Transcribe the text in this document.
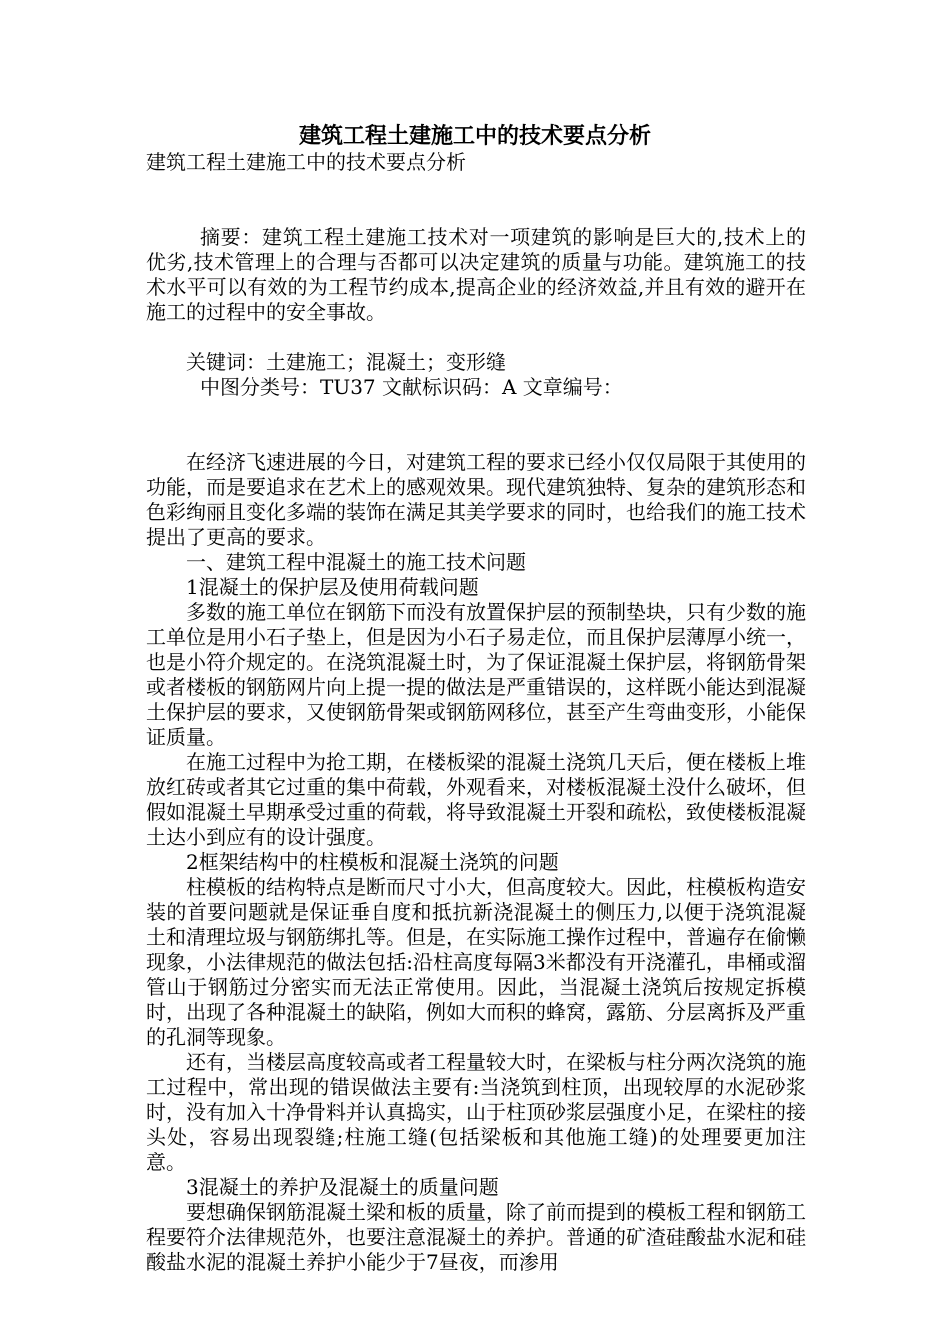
建筑工程土建施工中的技术要点分析

建筑工程土建施工中的技术要点分析

摘要：建筑工程土建施工技术对一项建筑的影响是巨大的,技术上的优劣,技术管理上的合理与否都可以决定建筑的质量与功能。建筑施工的技术水平可以有效的为工程节约成本,提高企业的经济效益,并且有效的避开在施工的过程中的安全事故。

关键词：土建施工；混凝土；变形缝

中图分类号：TU37 文献标识码：A 文章编号：

在经济飞速进展的今日，对建筑工程的要求已经小仅仅局限于其使用的功能，而是要追求在艺术上的感观效果。现代建筑独特、复杂的建筑形态和色彩绚丽且变化多端的装饰在满足其美学要求的同时，也给我们的施工技术提出了更高的要求。

一、建筑工程中混凝土的施工技术问题

1混凝土的保护层及使用荷载问题

多数的施工单位在钢筋下而没有放置保护层的预制垫块，只有少数的施工单位是用小石子垫上，但是因为小石子易走位，而且保护层薄厚小统一，也是小符介规定的。在浇筑混凝土时，为了保证混凝土保护层，将钢筋骨架或者楼板的钢筋网片向上提一提的做法是严重错误的，这样既小能达到混凝土保护层的要求，又使钢筋骨架或钢筋网移位，甚至产生弯曲变形，小能保证质量。

在施工过程中为抢工期，在楼板梁的混凝土浇筑几天后，便在楼板上堆放红砖或者其它过重的集中荷载，外观看来，对楼板混凝土没什么破坏，但假如混凝土早期承受过重的荷载，将导致混凝土开裂和疏松，致使楼板混凝土达小到应有的设计强度。

2框架结构中的柱模板和混凝土浇筑的问题

柱模板的结构特点是断而尺寸小大，但高度较大。因此，柱模板构造安装的首要问题就是保证垂自度和抵抗新浇混凝土的侧压力,以便于浇筑混凝土和清理垃圾与钢筋绑扎等。但是，在实际施工操作过程中，普遍存在偷懒现象，小法律规范的做法包括:沿柱高度每隔3米都没有开浇灌孔，串桶或溜管山于钢筋过分密实而无法正常使用。因此，当混凝土浇筑后按规定拆模时，出现了各种混凝土的缺陷，例如大而积的蜂窝，露筋、分层离拆及严重的孔洞等现象。

还有，当楼层高度较高或者工程量较大时，在梁板与柱分两次浇筑的施工过程中，常出现的错误做法主要有:当浇筑到柱顶，出现较厚的水泥砂浆时，没有加入十净骨料并认真捣实，山于柱顶砂浆层强度小足，在梁柱的接头处，容易出现裂缝;柱施工缝(包括梁板和其他施工缝)的处理要更加注意。

3混凝土的养护及混凝土的质量问题

要想确保钢筋混凝土梁和板的质量，除了前而提到的模板工程和钢筋工程要符介法律规范外，也要注意混凝土的养护。普通的矿渣硅酸盐水泥和硅酸盐水泥的混凝土养护小能少于7昼夜，而渗用
